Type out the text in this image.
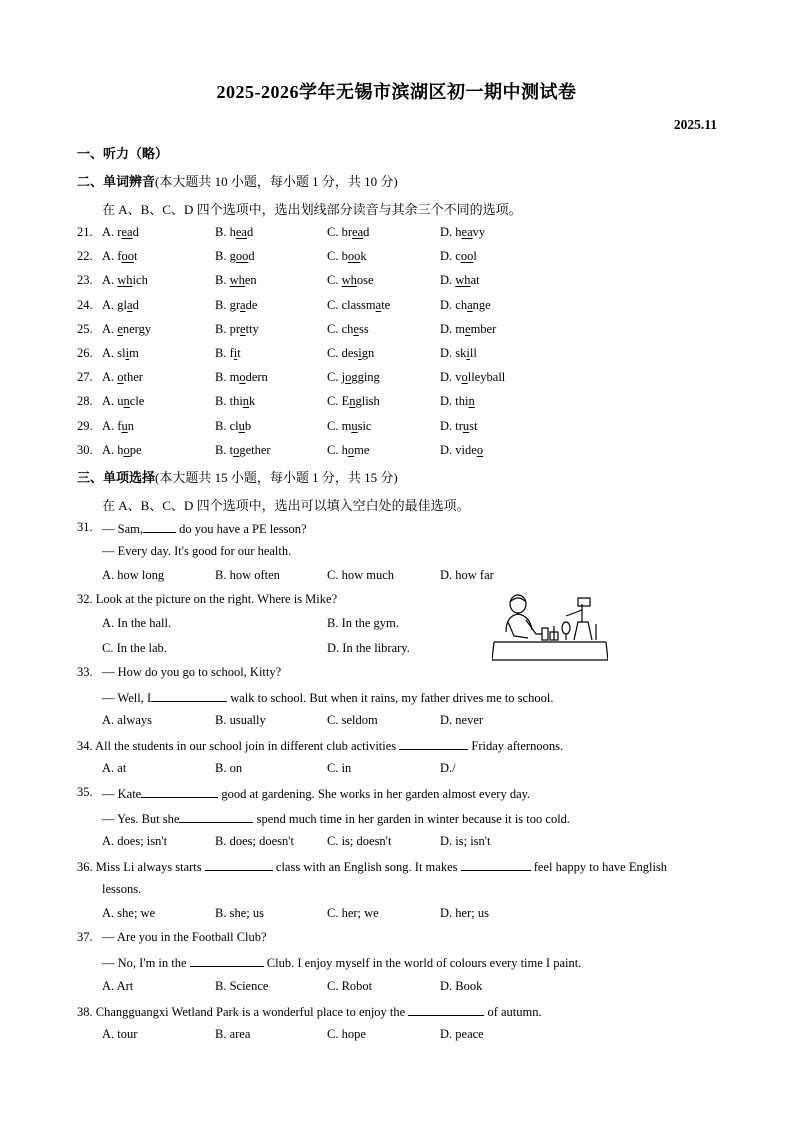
2025-2026学年无锡市滨湖区初一期中测试卷
2025.11
一、听力（略）
二、单词辨音(本大题共 10 小题，每小题 1 分，共 10 分)
在 A、B、C、D 四个选项中，选出划线部分读音与其余三个不同的选项。
21. A. read	B. head	C. bread	D. heavy
22. A. foot	B. good	C. book	D. cool
23. A. which	B. when	C. whose	D. what
24. A. glad	B. grade	C. classmate	D. change
25. A. energy	B. pretty	C. chess	D. member
26. A. slim	B. fit	C. design	D. skill
27. A. other	B. modern	C. jogging	D. volleyball
28. A. uncle	B. think	C. English	D. thin
29. A. fun	B. club	C. music	D. trust
30. A. hope	B. together	C. home	D. video
三、单项选择(本大题共 15 小题，每小题 1 分，共 15 分)
在 A、B、C、D 四个选项中，选出可以填入空白处的最佳选项。
31. — Sam,	do you have a PE lesson?
— Every day. It's good for our health.
A. how long	B. how often	C. how much	D. how far
32. Look at the picture on the right. Where is Mike?
A. In the hall.	B. In the gym.
C. In the lab.	D. In the library.
33. — How do you go to school, Kitty?
— Well, I	walk to school. But when it rains, my father drives me to school.
A. always	B. usually	C. seldom	D. never
34. All the students in our school join in different club activities	Friday afternoons.
A. at	B. on	C. in	D./
35. — Kate	good at gardening. She works in her garden almost every day.
— Yes. But she	spend much time in her garden in winter because it is too cold.
A. does; isn't	B. does; doesn't	C. is; doesn't	D. is; isn't
36. Miss Li always starts	class with an English song. It makes	feel happy to have English
lessons.
A. she; we	B. she; us	C. her; we	D. her; us
37. — Are you in the Football Club?
— No, I'm in the	Club. I enjoy myself in the world of colours every time I paint.
A. Art	B. Science	C. Robot	D. Book
38. Changguangxi Wetland Park is a wonderful place to enjoy the	of autumn.
A. tour	B. area	C. hope	D. peace
